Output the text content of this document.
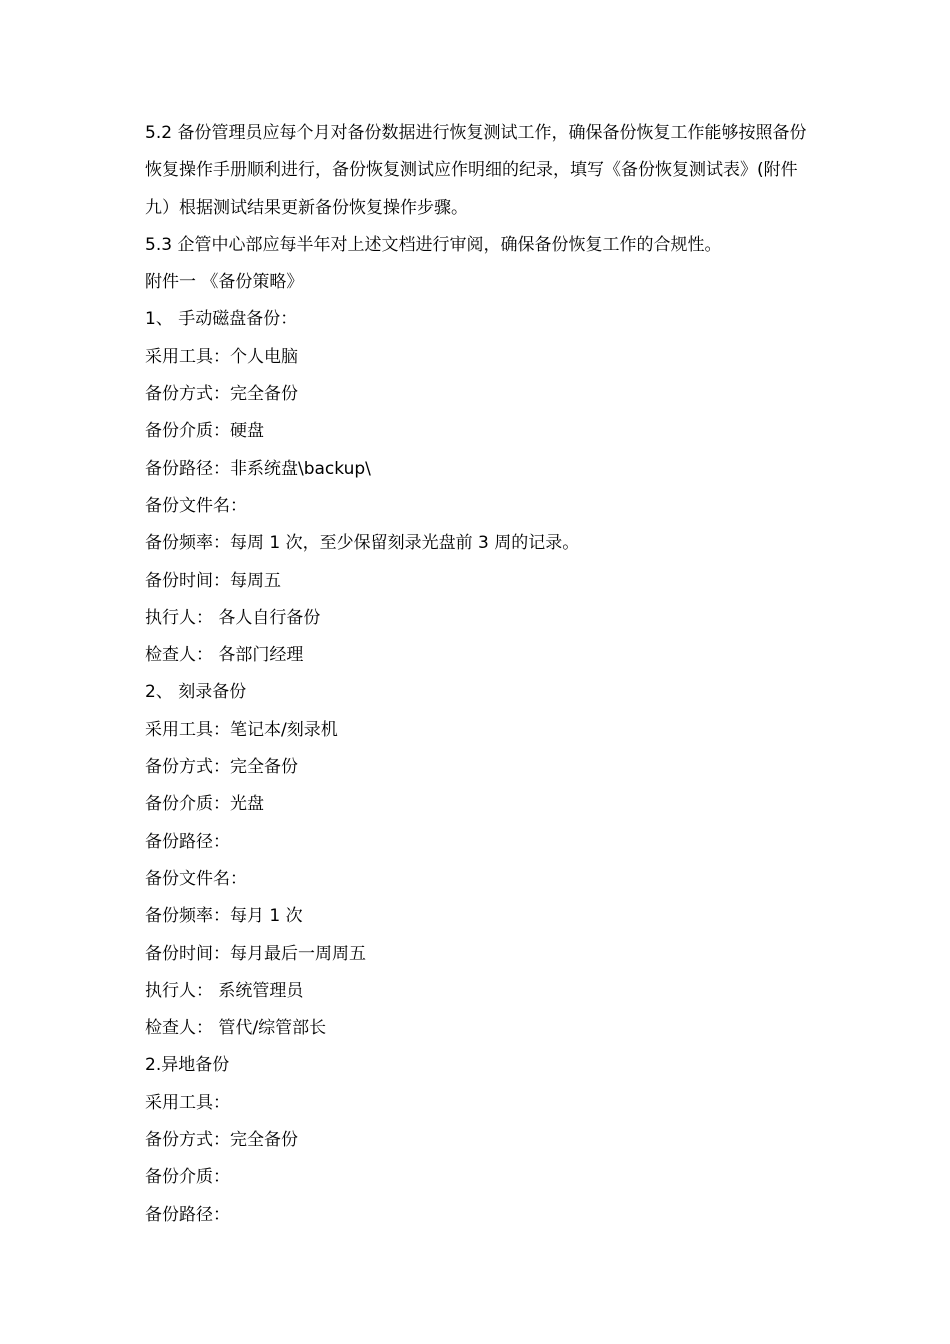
5.2 备份管理员应每个月对备份数据进行恢复测试工作，确保备份恢复工作能够按照备份恢复操作手册顺利进行，备份恢复测试应作明细的纪录，填写《备份恢复测试表》(附件九）根据测试结果更新备份恢复操作步骤。

5.3 企管中心部应每半年对上述文档进行审阅，确保备份恢复工作的合规性。

附件一 《备份策略》

1、 手动磁盘备份：

采用工具：个人电脑

备份方式：完全备份

备份介质：硬盘

备份路径：非系统盘\backup\

备份文件名：

备份频率：每周 1 次，至少保留刻录光盘前 3 周的记录。

备份时间：每周五

执行人： 各人自行备份

检查人： 各部门经理

2、 刻录备份

采用工具：笔记本/刻录机

备份方式：完全备份

备份介质：光盘

备份路径：

备份文件名：

备份频率：每月 1 次

备份时间：每月最后一周周五

执行人： 系统管理员

检查人： 管代/综管部长

2.异地备份

采用工具：

备份方式：完全备份

备份介质：

备份路径：
